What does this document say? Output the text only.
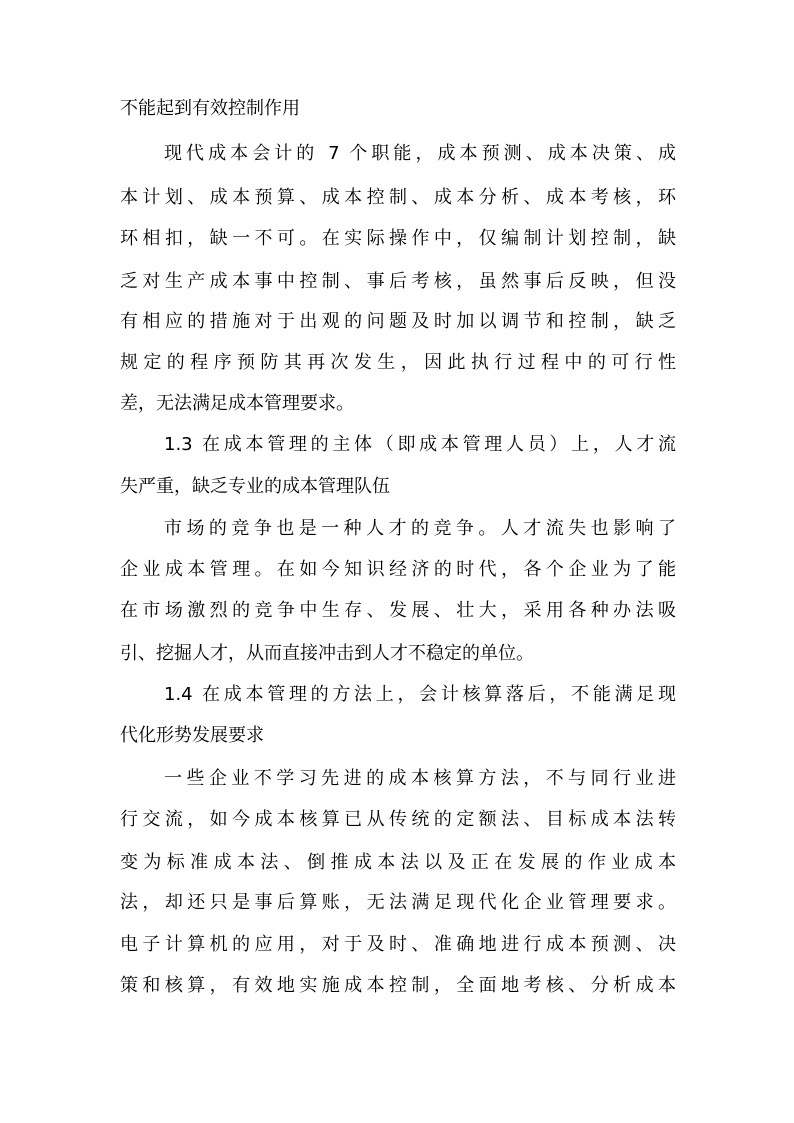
不能起到有效控制作用
现代成本会计的 7 个职能，成本预测、成本决策、成
本计划、成本预算、成本控制、成本分析、成本考核，环
环相扣，缺一不可。在实际操作中，仅编制计划控制，缺
乏对生产成本事中控制、事后考核，虽然事后反映，但没
有相应的措施对于出观的问题及时加以调节和控制，缺乏
规定的程序预防其再次发生，因此执行过程中的可行性
差，无法满足成本管理要求。
1.3 在成本管理的主体（即成本管理人员）上，人才流
失严重，缺乏专业的成本管理队伍
市场的竞争也是一种人才的竞争。人才流失也影响了
企业成本管理。在如今知识经济的时代，各个企业为了能
在市场激烈的竞争中生存、发展、壮大，采用各种办法吸
引、挖掘人才，从而直接冲击到人才不稳定的单位。
1.4 在成本管理的方法上，会计核算落后，不能满足现
代化形势发展要求
一些企业不学习先进的成本核算方法，不与同行业进
行交流，如今成本核算已从传统的定额法、目标成本法转
变为标准成本法、倒推成本法以及正在发展的作业成本
法，却还只是事后算账，无法满足现代化企业管理要求。
电子计算机的应用，对于及时、准确地进行成本预测、决
策和核算，有效地实施成本控制，全面地考核、分析成本
